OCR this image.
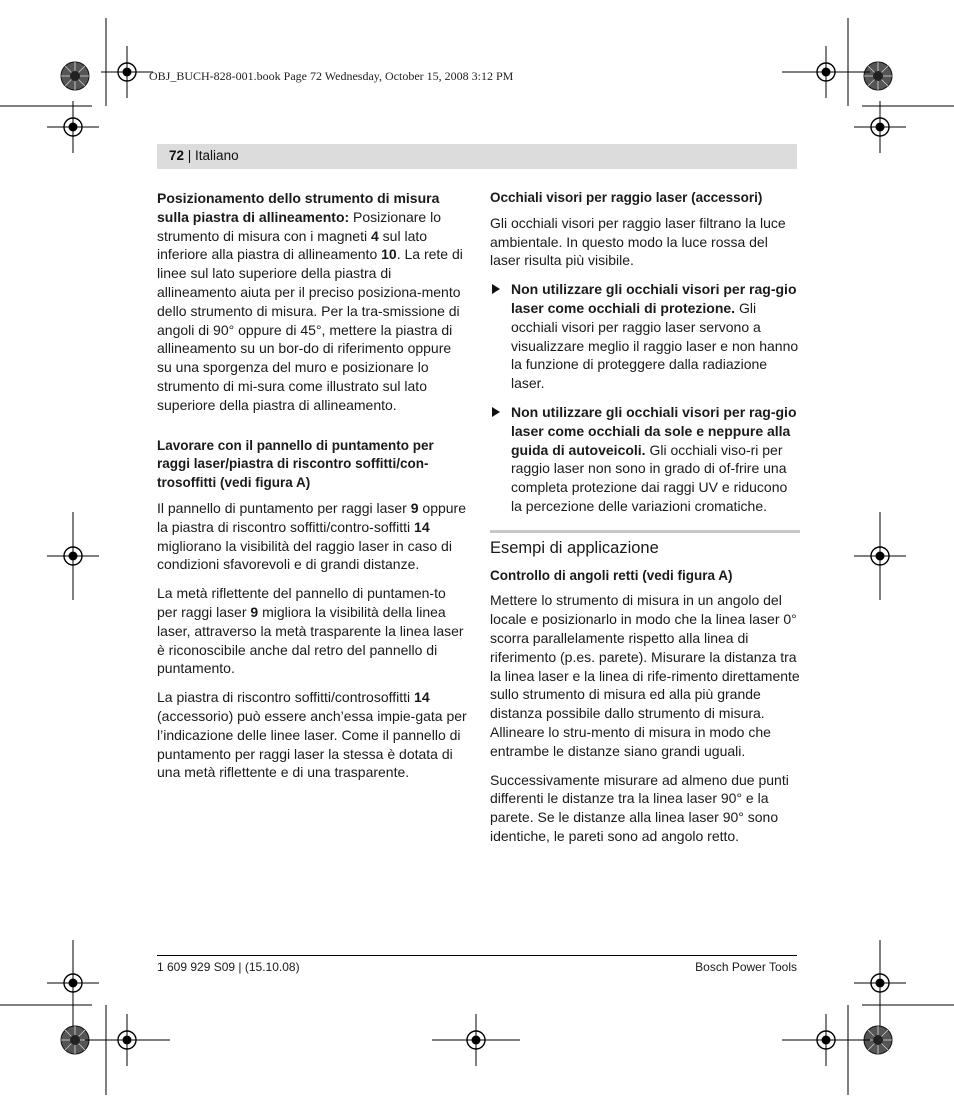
OBJ_BUCH-828-001.book Page 72 Wednesday, October 15, 2008 3:12 PM
72 | Italiano

Posizionamento dello strumento di misura sulla piastra di allineamento: Posizionare lo strumento di misura con i magneti 4 sul lato inferiore alla piastra di allineamento 10. La rete di linee sul lato superiore della piastra di allineamento aiuta per il preciso posiziona-mento dello strumento di misura. Per la tra-smissione di angoli di 90° oppure di 45°, mettere la piastra di allineamento su un bor-do di riferimento oppure su una sporgenza del muro e posizionare lo strumento di mi-sura come illustrato sul lato superiore della piastra di allineamento.

Lavorare con il pannello di puntamento per raggi laser/piastra di riscontro soffitti/con-trosoffitti (vedi figura A)

Il pannello di puntamento per raggi laser 9 oppure la piastra di riscontro soffitti/contro-soffitti 14 migliorano la visibilità del raggio laser in caso di condizioni sfavorevoli e di grandi distanze.

La metà riflettente del pannello di puntamen-to per raggi laser 9 migliora la visibilità della linea laser, attraverso la metà trasparente la linea laser è riconoscibile anche dal retro del pannello di puntamento.

La piastra di riscontro soffitti/controsoffitti 14 (accessorio) può essere anch’essa impie-gata per l’indicazione delle linee laser. Come il pannello di puntamento per raggi laser la stessa è dotata di una metà riflettente e di una trasparente.

Occhiali visori per raggio laser (accessori)

Gli occhiali visori per raggio laser filtrano la luce ambientale. In questo modo la luce rossa del laser risulta più visibile.

Non utilizzare gli occhiali visori per rag-gio laser come occhiali di protezione. Gli occhiali visori per raggio laser servono a visualizzare meglio il raggio laser e non hanno la funzione di proteggere dalla radiazione laser.
Non utilizzare gli occhiali visori per rag-gio laser come occhiali da sole e neppure alla guida di autoveicoli. Gli occhiali viso-ri per raggio laser non sono in grado di of-frire una completa protezione dai raggi UV e riducono la percezione delle variazioni cromatiche.

Esempi di applicazione

Controllo di angoli retti (vedi figura A)

Mettere lo strumento di misura in un angolo del locale e posizionarlo in modo che la linea laser 0° scorra parallelamente rispetto alla linea di riferimento (p.es. parete). Misurare la distanza tra la linea laser e la linea di rife-rimento direttamente sullo strumento di misura ed alla più grande distanza possibile dallo strumento di misura. Allineare lo stru-mento di misura in modo che entrambe le distanze siano grandi uguali.

Successivamente misurare ad almeno due punti differenti le distanze tra la linea laser 90° e la parete. Se le distanze alla linea laser 90° sono identiche, le pareti sono ad angolo retto.

1 609 929 S09 | (15.10.08)	Bosch Power Tools
